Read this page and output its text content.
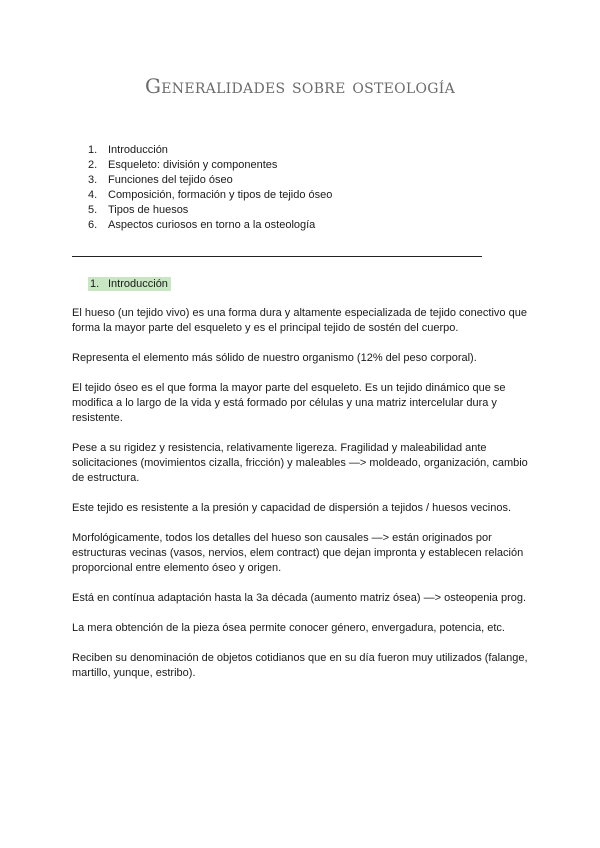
Generalidades sobre osteología
1. Introducción
2. Esqueleto: división y componentes
3. Funciones del tejido óseo
4. Composición, formación y tipos de tejido óseo
5. Tipos de huesos
6. Aspectos curiosos en torno a la osteología
1. Introducción

El hueso (un tejido vivo) es una forma dura y altamente especializada de tejido conectivo que forma la mayor parte del esqueleto y es el principal tejido de sostén del cuerpo.

Representa el elemento más sólido de nuestro organismo (12% del peso corporal).

El tejido óseo es el que forma la mayor parte del esqueleto. Es un tejido dinámico que se modifica a lo largo de la vida y está formado por células y una matriz intercelular dura y resistente.

Pese a su rigidez y resistencia, relativamente ligereza. Fragilidad y maleabilidad ante solicitaciones (movimientos cizalla, fricción) y maleables —> moldeado, organización, cambio de estructura.

Este tejido es resistente a la presión y capacidad de dispersión a tejidos / huesos vecinos.

Morfológicamente, todos los detalles del hueso son causales —> están originados por estructuras vecinas (vasos, nervios, elem contract) que dejan impronta y establecen relación proporcional entre elemento óseo y origen.

Está en contínua adaptación hasta la 3a década (aumento matriz ósea) —> osteopenia prog.

La mera obtención de la pieza ósea permite conocer género, envergadura, potencia, etc.

Reciben su denominación de objetos cotidianos que en su día fueron muy utilizados (falange, martillo, yunque, estribo).
